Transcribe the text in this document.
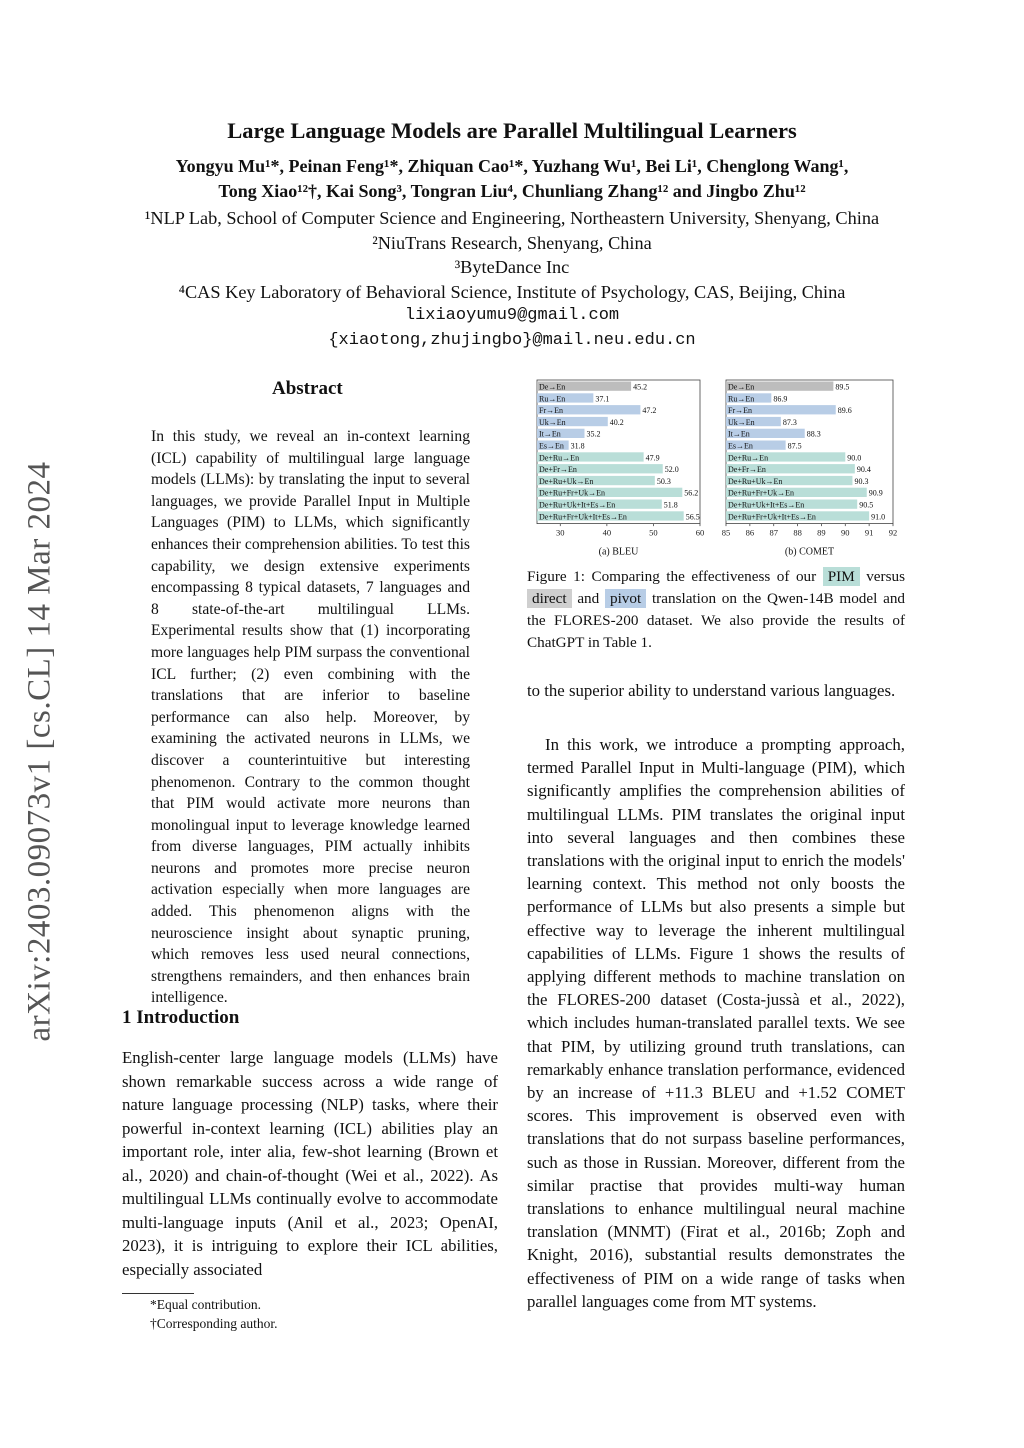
Large Language Models are Parallel Multilingual Learners
Yongyu Mu¹*, Peinan Feng¹*, Zhiquan Cao¹*, Yuzhang Wu¹, Bei Li¹, Chenglong Wang¹,
Tong Xiao¹²†, Kai Song³, Tongran Liu⁴, Chunliang Zhang¹² and Jingbo Zhu¹²
¹NLP Lab, School of Computer Science and Engineering, Northeastern University, Shenyang, China
²NiuTrans Research, Shenyang, China
³ByteDance Inc
⁴CAS Key Laboratory of Behavioral Science, Institute of Psychology, CAS, Beijing, China
lixiaoyumu9@gmail.com
{xiaotong,zhujingbo}@mail.neu.edu.cn
arXiv:2403.09073v1 [cs.CL] 14 Mar 2024
Abstract
In this study, we reveal an in-context learning (ICL) capability of multilingual large language models (LLMs): by translating the input to several languages, we provide Parallel Input in Multiple Languages (PIM) to LLMs, which significantly enhances their comprehension abilities. To test this capability, we design extensive experiments encompassing 8 typical datasets, 7 languages and 8 state-of-the-art multilingual LLMs. Experimental results show that (1) incorporating more languages help PIM surpass the conventional ICL further; (2) even combining with the translations that are inferior to baseline performance can also help. Moreover, by examining the activated neurons in LLMs, we discover a counterintuitive but interesting phenomenon. Contrary to the common thought that PIM would activate more neurons than monolingual input to leverage knowledge learned from diverse languages, PIM actually inhibits neurons and promotes more precise neuron activation especially when more languages are added. This phenomenon aligns with the neuroscience insight about synaptic pruning, which removes less used neural connections, strengthens remainders, and then enhances brain intelligence.
1 Introduction
English-center large language models (LLMs) have shown remarkable success across a wide range of nature language processing (NLP) tasks, where their powerful in-context learning (ICL) abilities play an important role, inter alia, few-shot learning (Brown et al., 2020) and chain-of-thought (Wei et al., 2022). As multilingual LLMs continually evolve to accommodate multi-language inputs (Anil et al., 2023; OpenAI, 2023), it is intriguing to explore their ICL abilities, especially associated
*Equal contribution.
†Corresponding author.
De→En	45.2
Ru→En	37.1
Fr→En	47.2
Uk→En	40.2
It→En	35.2
Es→En 31.8
De+Ru→En	47.9
De+Fr→En	52.0
De+Ru+Uk→En	50.3
De+Ru+Fr+Uk→En	56.2
De+Ru+Uk+It+Es→En	51.8
De+Ru+Fr+Uk+It+Es→En	56.5
30	40	50	60
(a) BLEU
De→En	89.5
Ru→En 86.9
Fr→En	89.6
Uk→En	87.3
It→En	88.3
Es→En	87.5
De+Ru→En	90.0
De+Fr→En	90.4
De+Ru+Uk→En	90.3
De+Ru+Fr+Uk→En	90.9
De+Ru+Uk+It+Es→En	90.5
De+Ru+Fr+Uk+It+Es→En	91.0
85 86 87 88 89 90 91 92
(b) COMET
Figure 1: Comparing the effectiveness of our PIM versus direct and pivot translation on the Qwen-14B model and the FLORES-200 dataset. We also provide the results of ChatGPT in Table 1.
to the superior ability to understand various languages.
In this work, we introduce a prompting approach, termed Parallel Input in Multi-language (PIM), which significantly amplifies the comprehension abilities of multilingual LLMs. PIM translates the original input into several languages and then combines these translations with the original input to enrich the models' learning context. This method not only boosts the performance of LLMs but also presents a simple but effective way to leverage the inherent multilingual capabilities of LLMs. Figure 1 shows the results of applying different methods to machine translation on the FLORES-200 dataset (Costa-jussà et al., 2022), which includes human-translated parallel texts. We see that PIM, by utilizing ground truth translations, can remarkably enhance translation performance, evidenced by an increase of +11.3 BLEU and +1.52 COMET scores. This improvement is observed even with translations that do not surpass baseline performances, such as those in Russian. Moreover, different from the similar practise that provides multi-way human translations to enhance multilingual neural machine translation (MNMT) (Firat et al., 2016b; Zoph and Knight, 2016), substantial results demonstrates the effectiveness of PIM on a wide range of tasks when parallel languages come from MT systems.
